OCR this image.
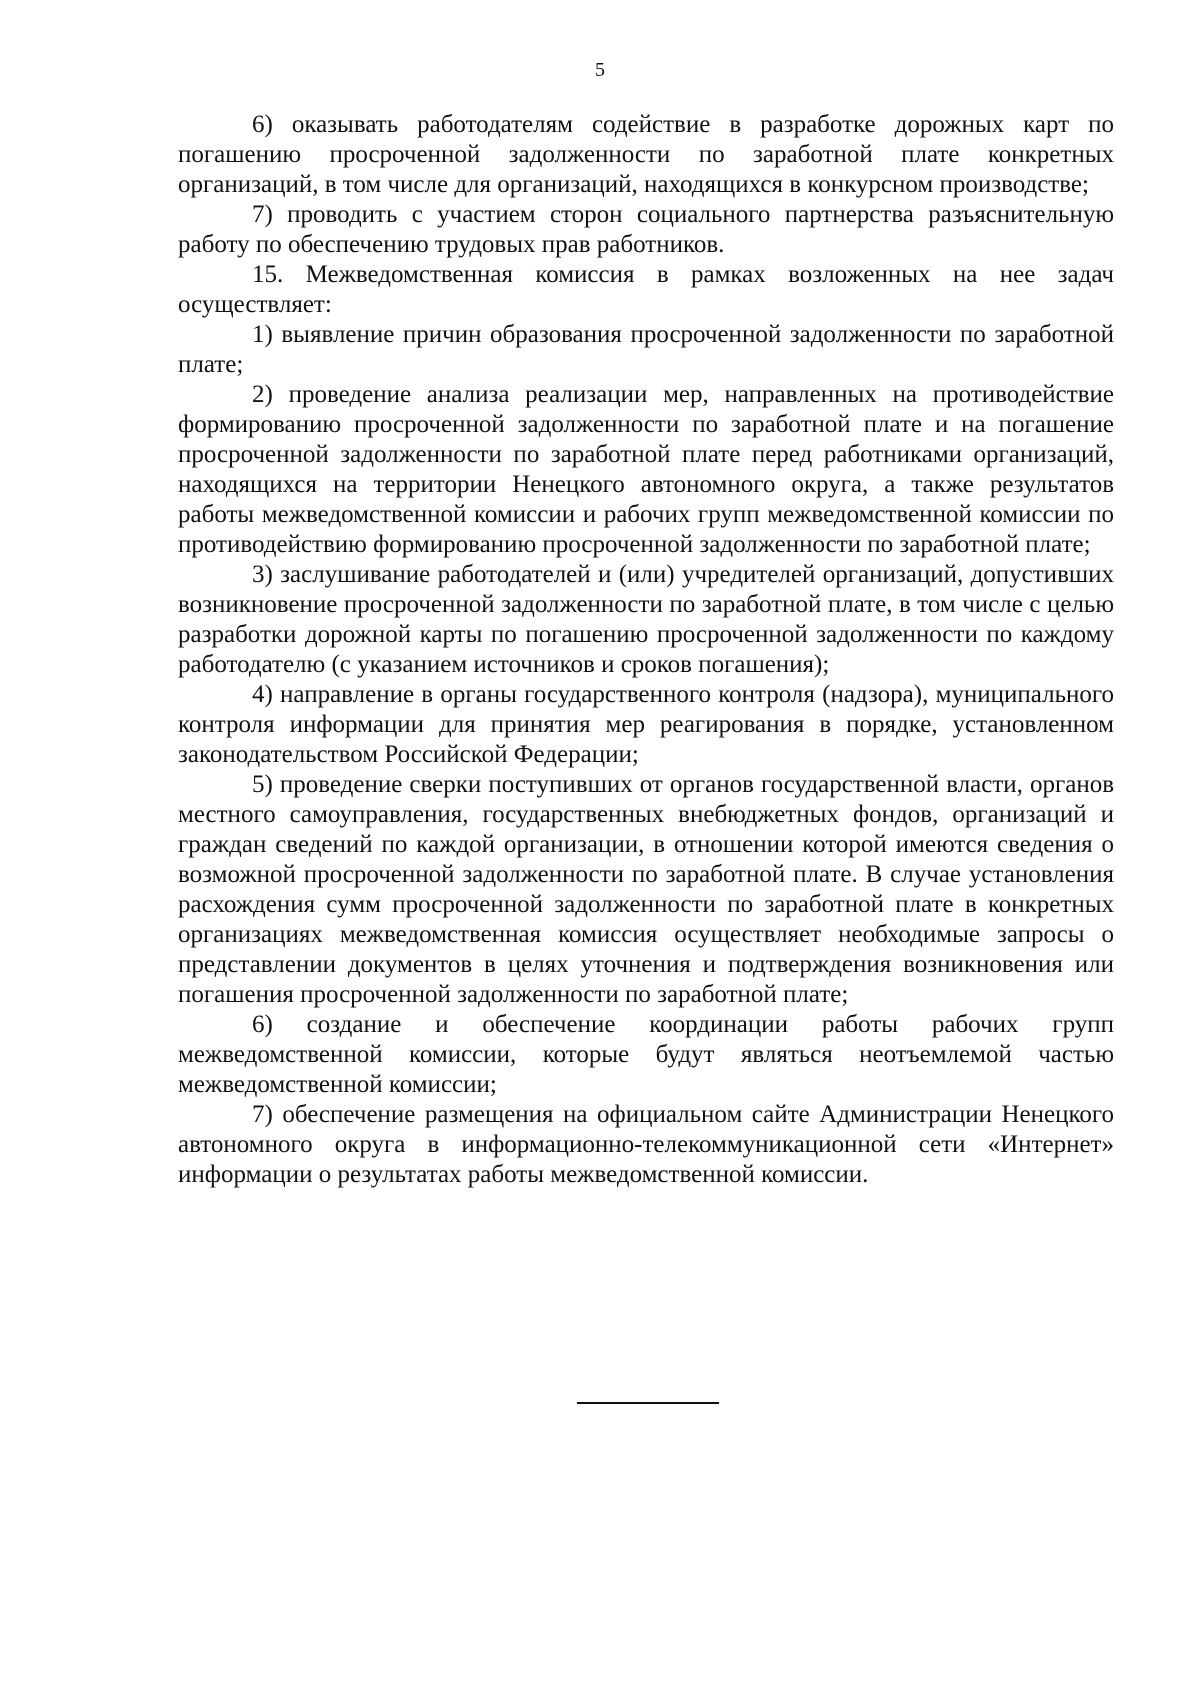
5

6) оказывать работодателям содействие в разработке дорожных карт по погашению просроченной задолженности по заработной плате конкретных организаций, в том числе для организаций, находящихся в конкурсном производстве;

7) проводить с участием сторон социального партнерства разъяснительную работу по обеспечению трудовых прав работников.

15. Межведомственная комиссия в рамках возложенных на нее задач осуществляет:

1) выявление причин образования просроченной задолженности по заработной плате;

2) проведение анализа реализации мер, направленных на противодействие формированию просроченной задолженности по заработной плате и на погашение просроченной задолженности по заработной плате перед работниками организаций, находящихся на территории Ненецкого автономного округа, а также результатов работы межведомственной комиссии и рабочих групп межведомственной комиссии по противодействию формированию просроченной задолженности по заработной плате;

3) заслушивание работодателей и (или) учредителей организаций, допустивших возникновение просроченной задолженности по заработной плате, в том числе с целью разработки дорожной карты по погашению просроченной задолженности по каждому работодателю (с указанием источников и сроков погашения);

4) направление в органы государственного контроля (надзора), муниципального контроля информации для принятия мер реагирования в порядке, установленном законодательством Российской Федерации;

5) проведение сверки поступивших от органов государственной власти, органов местного самоуправления, государственных внебюджетных фондов, организаций и граждан сведений по каждой организации, в отношении которой имеются сведения о возможной просроченной задолженности по заработной плате. В случае установления расхождения сумм просроченной задолженности по заработной плате в конкретных организациях межведомственная комиссия осуществляет необходимые запросы о представлении документов в целях уточнения и подтверждения возникновения или погашения просроченной задолженности по заработной плате;

6) создание и обеспечение координации работы рабочих групп межведомственной комиссии, которые будут являться неотъемлемой частью межведомственной комиссии;

7) обеспечение размещения на официальном сайте Администрации Ненецкого автономного округа в информационно-телекоммуникационной сети «Интернет» информации о результатах работы межведомственной комиссии.
